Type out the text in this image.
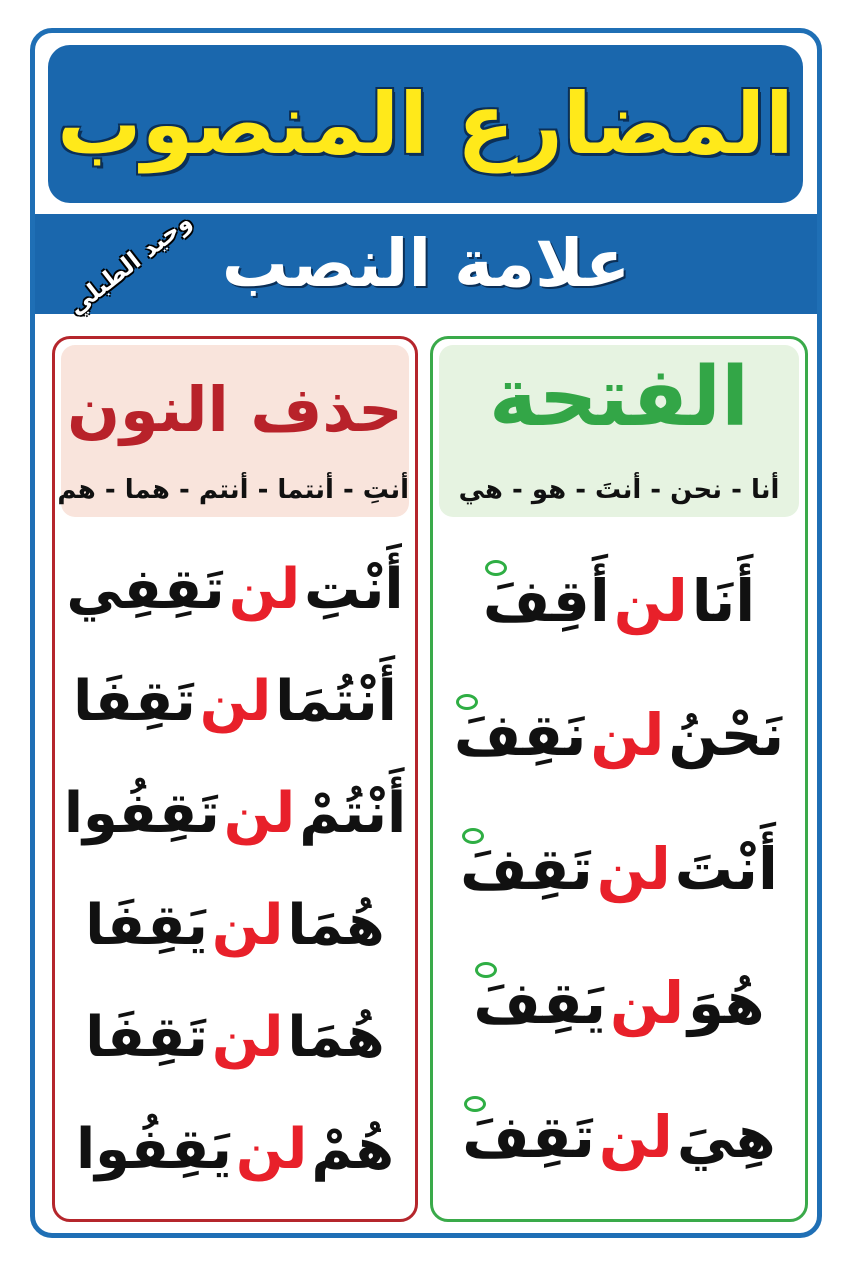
المضارع المنصوب
علامة النصب
وحيد الطبلي
الفتحة
أنا - نحن - أنتَ - هو - هي
أَنَا
لن
أَقِفَ
نَحْنُ
لن
نَقِفَ
أَنْتَ
لن
تَقِفَ
هُوَ
لن
يَقِفَ
هِيَ
لن
تَقِفَ
حذف النون
أنتِ - أنتما - أنتم - هما - هم
أَنْتِ
لن
تَقِفِي
أَنْتُمَا
لن
تَقِفَا
أَنْتُمْ
لن
تَقِفُوا
هُمَا
لن
يَقِفَا
هُمَا
لن
تَقِفَا
هُمْ
لن
يَقِفُوا
